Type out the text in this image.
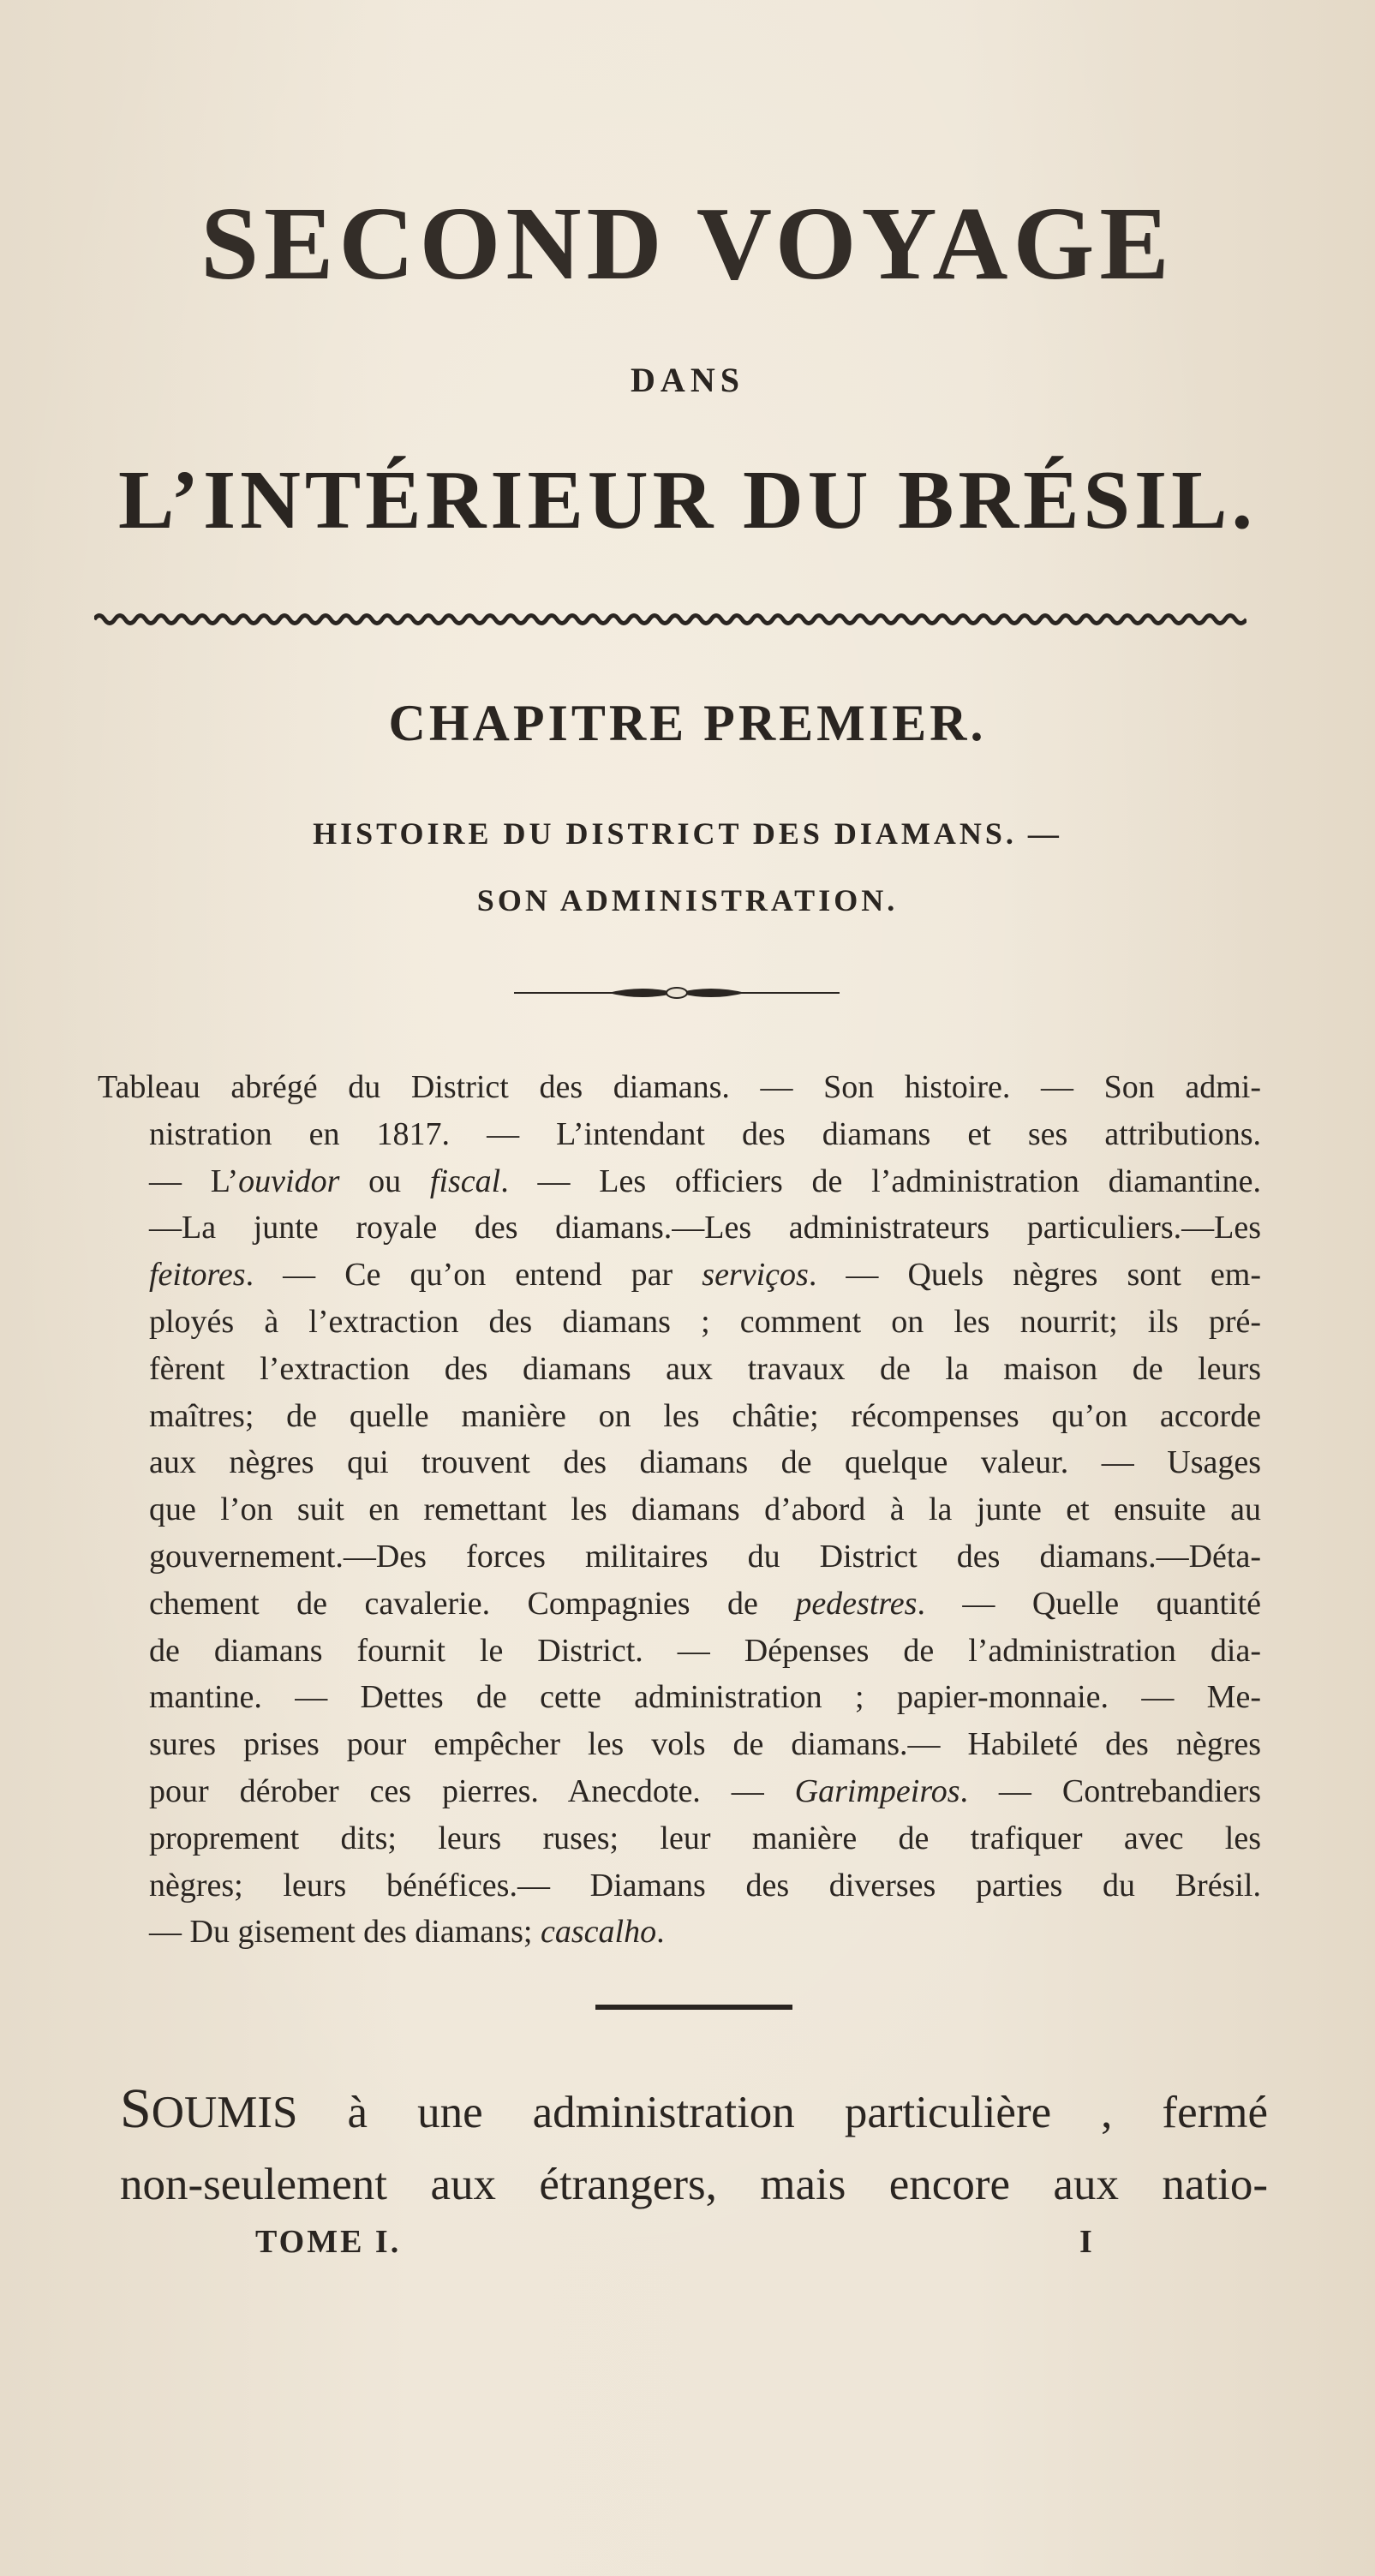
SECOND VOYAGE
DANS
L’INTÉRIEUR DU BRÉSIL.
CHAPITRE PREMIER.
HISTOIRE DU DISTRICT DES DIAMANS. —
SON ADMINISTRATION.
Tableau abrégé du District des diamans. — Son histoire. — Son admi-
nistration en 1817. — L’intendant des diamans et ses attributions.
— L’ouvidor ou fiscal. — Les officiers de l’administration diamantine.
—La junte royale des diamans.—Les administrateurs particuliers.—Les
feitores. — Ce qu’on entend par serviços. — Quels nègres sont em-
ployés à l’extraction des diamans ; comment on les nourrit; ils pré-
fèrent l’extraction des diamans aux travaux de la maison de leurs
maîtres; de quelle manière on les châtie; récompenses qu’on accorde
aux nègres qui trouvent des diamans de quelque valeur. — Usages
que l’on suit en remettant les diamans d’abord à la junte et ensuite au
gouvernement.—Des forces militaires du District des diamans.—Déta-
chement de cavalerie. Compagnies de pedestres. — Quelle quantité
de diamans fournit le District. — Dépenses de l’administration dia-
mantine. — Dettes de cette administration ; papier-monnaie. — Me-
sures prises pour empêcher les vols de diamans.— Habileté des nègres
pour dérober ces pierres. Anecdote. — Garimpeiros. — Contrebandiers
proprement dits; leurs ruses; leur manière de trafiquer avec les
nègres; leurs bénéfices.— Diamans des diverses parties du Brésil.
— Du gisement des diamans; cascalho.
SOUMIS à une administration particulière , fermé
non-seulement aux étrangers, mais encore aux natio-
TOME I.	I
